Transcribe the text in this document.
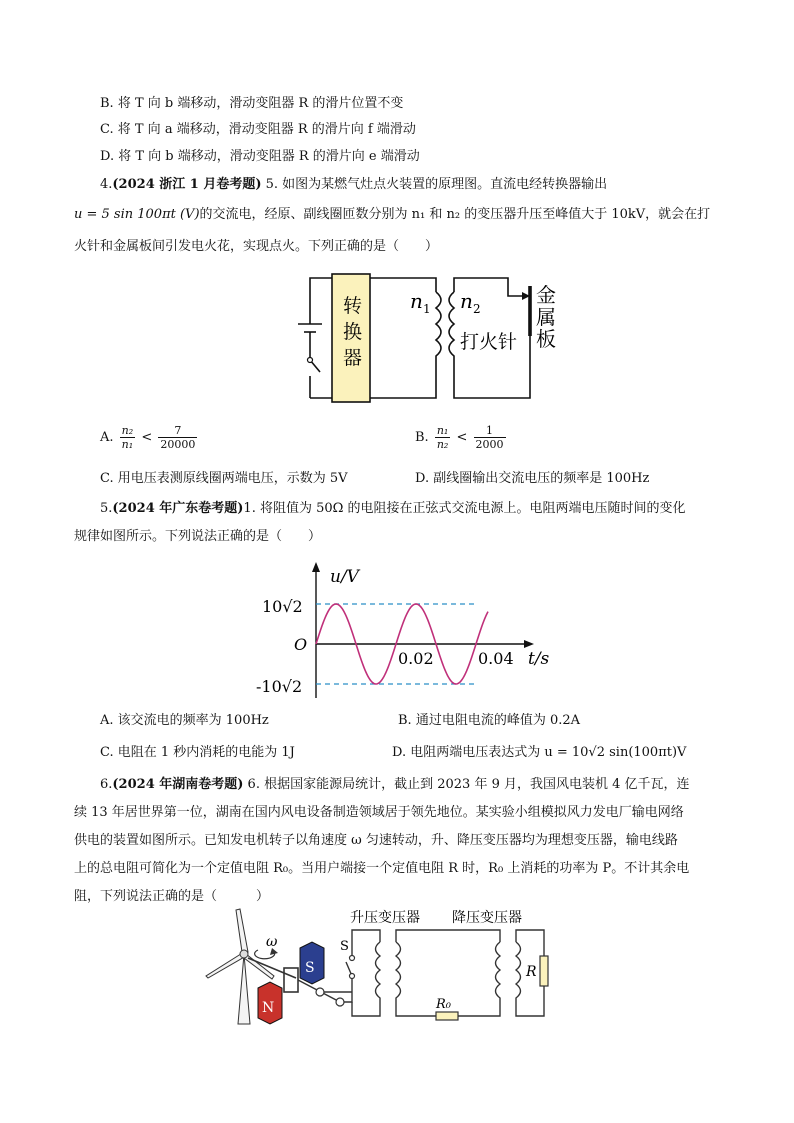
B. 将 T 向 b 端移动，滑动变阻器 R 的滑片位置不变
C. 将 T 向 a 端移动，滑动变阻器 R 的滑片向 f 端滑动
D. 将 T 向 b 端移动，滑动变阻器 R 的滑片向 e 端滑动
4.(2024 浙江 1 月卷考题) 5. 如图为某燃气灶点火装置的原理图。直流电经转换器输出
u = 5 sin 100πt (V)的交流电，经原、副线圈匝数分别为 n₁ 和 n₂ 的变压器升压至峰值大于 10kV，就会在打
火针和金属板间引发电火花，实现点火。下列正确的是（　　）
转
换
器
n 1 n 2
打火针
金
属
板
A. $\frac{\text{n₂}}{\text{n₁}} < \frac{7}{20000}$	B. $\frac{\text{n₁}}{\text{n₂}} < \frac{1}{2000}$
C. 用电压表测原线圈两端电压，示数为 5V	D. 副线圈输出交流电压的频率是 100Hz
5.(2024 年广东卷考题)1. 将阻值为 50Ω 的电阻接在正弦式交流电源上。电阻两端电压随时间的变化
规律如图所示。下列说法正确的是（　　）
u/V
t/s
10√2
-10√2
O
0.02	0.04
A. 该交流电的频率为 100Hz	B. 通过电阻电流的峰值为 0.2A
C. 电阻在 1 秒内消耗的电能为 1J	D. 电阻两端电压表达式为 u = 10√2 sin(100πt)V
6.(2024 年湖南卷考题) 6. 根据国家能源局统计，截止到 2023 年 9 月，我国风电装机 4 亿千瓦，连
续 13 年居世界第一位，湖南在国内风电设备制造领域居于领先地位。某实验小组模拟风力发电厂输电网络
供电的装置如图所示。已知发电机转子以角速度 ω 匀速转动，升、降压变压器均为理想变压器，输电线路
上的总电阻可简化为一个定值电阻 R₀。当用户端接一个定值电阻 R 时，R₀ 上消耗的功率为 P。不计其余电
阻，下列说法正确的是（　　　）
ω
S
N
S
升压变压器 降压变压器
R₀
R
